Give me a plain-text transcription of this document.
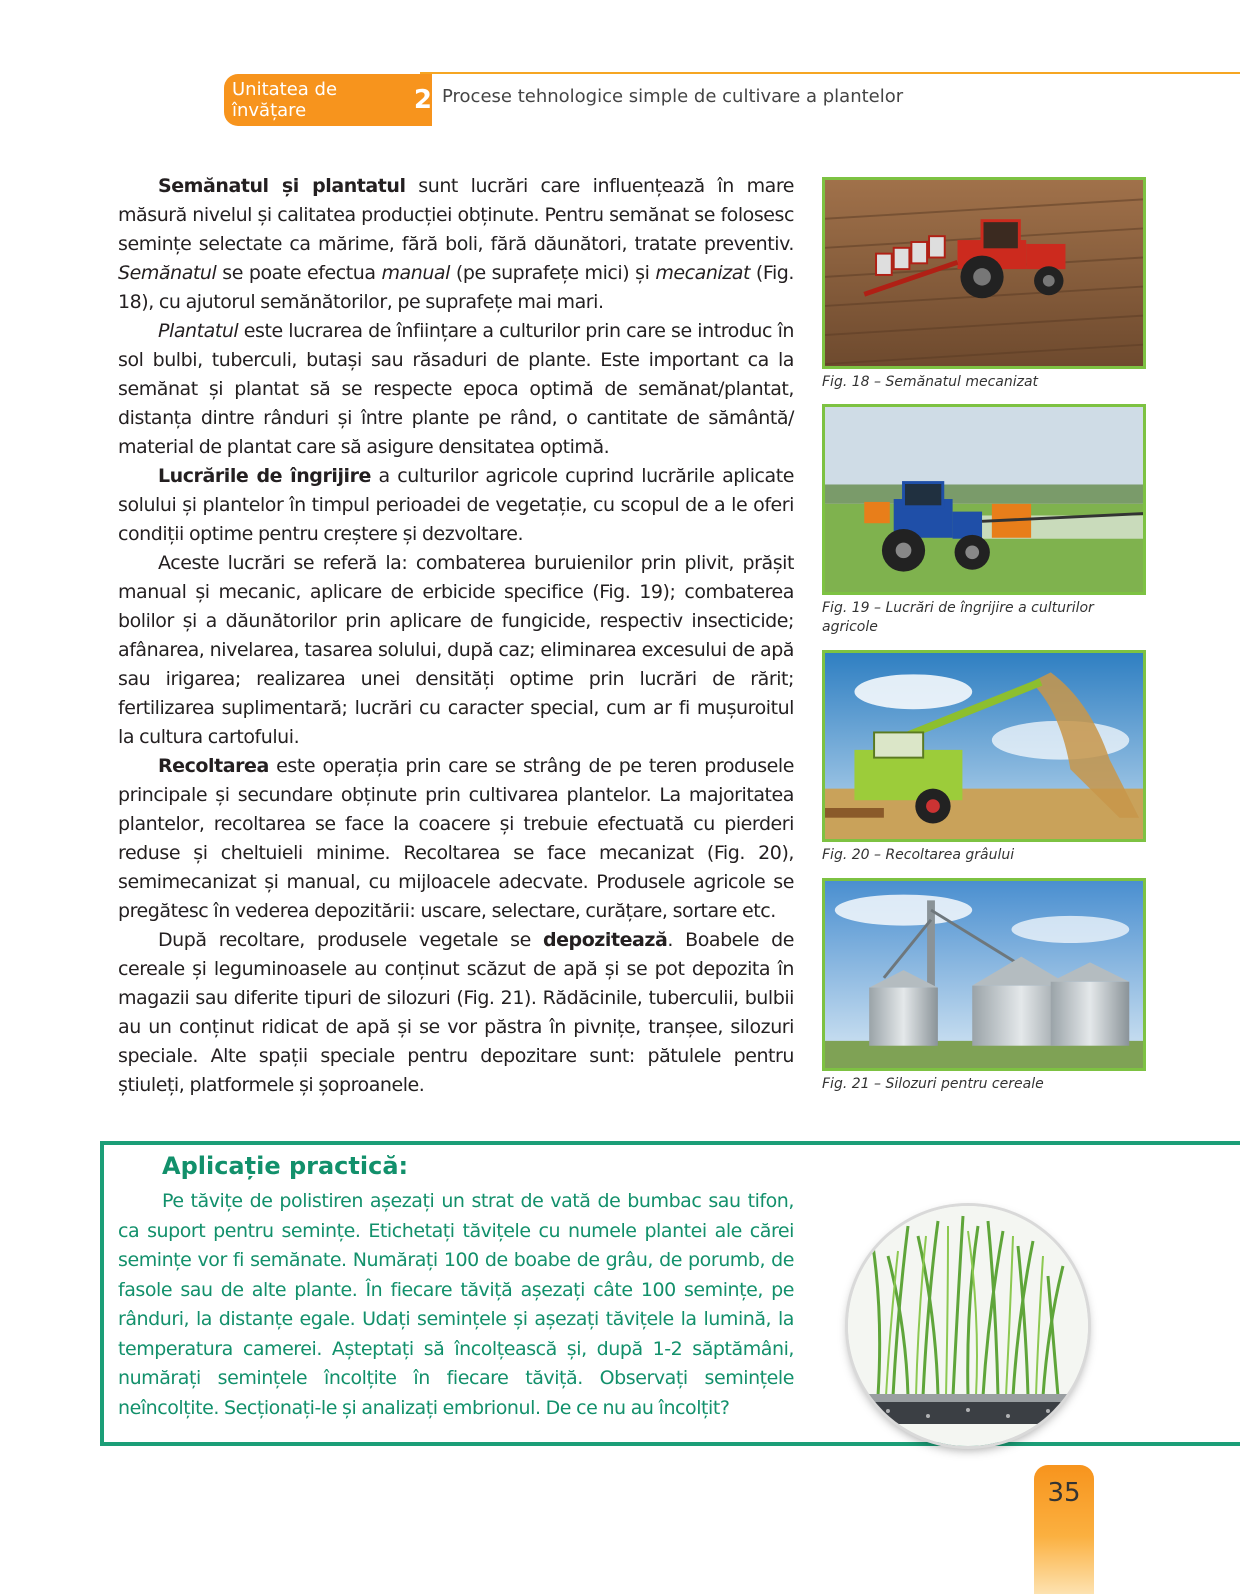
Unitatea de învățare	2 Procese tehnologice simple de cultivare a plantelor

Semănatul și plantatul sunt lucrări care influențează în mare măsură nivelul și calitatea producției obținute. Pentru semănat se folosesc semințe selectate ca mărime, fără boli, fără dăunători, tratate preventiv. Semănatul se poate efectua manual (pe suprafețe mici) și mecanizat (Fig. 18), cu ajutorul semănătorilor, pe suprafețe mai mari.

Plantatul este lucrarea de înființare a culturilor prin care se introduc în sol bulbi, tuberculi, butași sau răsaduri de plante. Este important ca la semănat și plantat să se respecte epoca optimă de semănat/plantat, distanța dintre rânduri și între plante pe rând, o cantitate de sământă/ material de plantat care să asigure densitatea optimă.

Lucrările de îngrijire a culturilor agricole cuprind lucrările aplicate solului și plantelor în timpul perioadei de vegetație, cu scopul de a le oferi condiții optime pentru creștere și dezvoltare.

Aceste lucrări se referă la: combaterea buruienilor prin plivit, prășit manual și mecanic, aplicare de erbicide specifice (Fig. 19); combaterea bolilor și a dăunătorilor prin aplicare de fungicide, respectiv insecticide; afânarea, nivelarea, tasarea solului, după caz; eliminarea excesului de apă sau irigarea; realizarea unei densități optime prin lucrări de rărit; fertilizarea suplimentară; lucrări cu caracter special, cum ar fi mușuroitul la cultura cartofului.

Recoltarea este operația prin care se strâng de pe teren produsele principale și secundare obținute prin cultivarea plantelor. La majoritatea plantelor, recoltarea se face la coacere și trebuie efectuată cu pierderi reduse și cheltuieli minime. Recoltarea se face mecanizat (Fig. 20), semimecanizat și manual, cu mijloacele adecvate. Produsele agricole se pregătesc în vederea depozitării: uscare, selectare, curățare, sortare etc.

După recoltare, produsele vegetale se depozitează. Boabele de cereale și leguminoasele au conținut scăzut de apă și se pot depozita în magazii sau diferite tipuri de silozuri (Fig. 21). Rădăcinile, tuberculii, bulbii au un conținut ridicat de apă și se vor păstra în pivnițe, tranșee, silozuri speciale. Alte spații speciale pentru depozitare sunt: pătulele pentru știuleți, platformele și șoproanele.

Fig. 18 – Semănatul mecanizat
Fig. 19 – Lucrări de îngrijire a culturilor agricole
Fig. 20 – Recoltarea grâului
Fig. 21 – Silozuri pentru cereale
Aplicație practică:
Pe tăvițe de polistiren așezați un strat de vată de bumbac sau tifon, ca suport pentru semințe. Etichetați tăvițele cu numele plantei ale cărei semințe vor fi semănate. Numărați 100 de boabe de grâu, de porumb, de fasole sau de alte plante. În fiecare tăviță așezați câte 100 semințe, pe rânduri, la distanțe egale. Udați semințele și așezați tăvițele la lumină, la temperatura camerei. Așteptați să încolțească și, după 1-2 săptămâni, numărați semințele încolțite în fiecare tăviță. Observați semințele neîncolțite. Secționați-le și analizați embrionul. De ce nu au încolțit?
35
